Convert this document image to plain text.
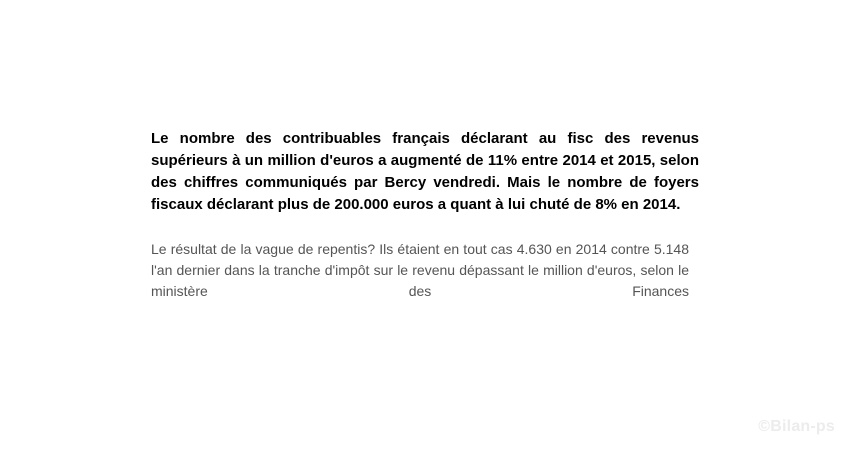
Le nombre des contribuables français déclarant au fisc des revenus supérieurs à un million d'euros a augmenté de 11% entre 2014 et 2015, selon des chiffres communiqués par Bercy vendredi. Mais le nombre de foyers fiscaux déclarant plus de 200.000 euros a quant à lui chuté de 8% en 2014.

Le résultat de la vague de repentis? Ils étaient en tout cas 4.630 en 2014 contre 5.148 l'an dernier dans la tranche d'impôt sur le revenu dépassant le million d'euros, selon le ministère des Finances

©Bilan-ps
